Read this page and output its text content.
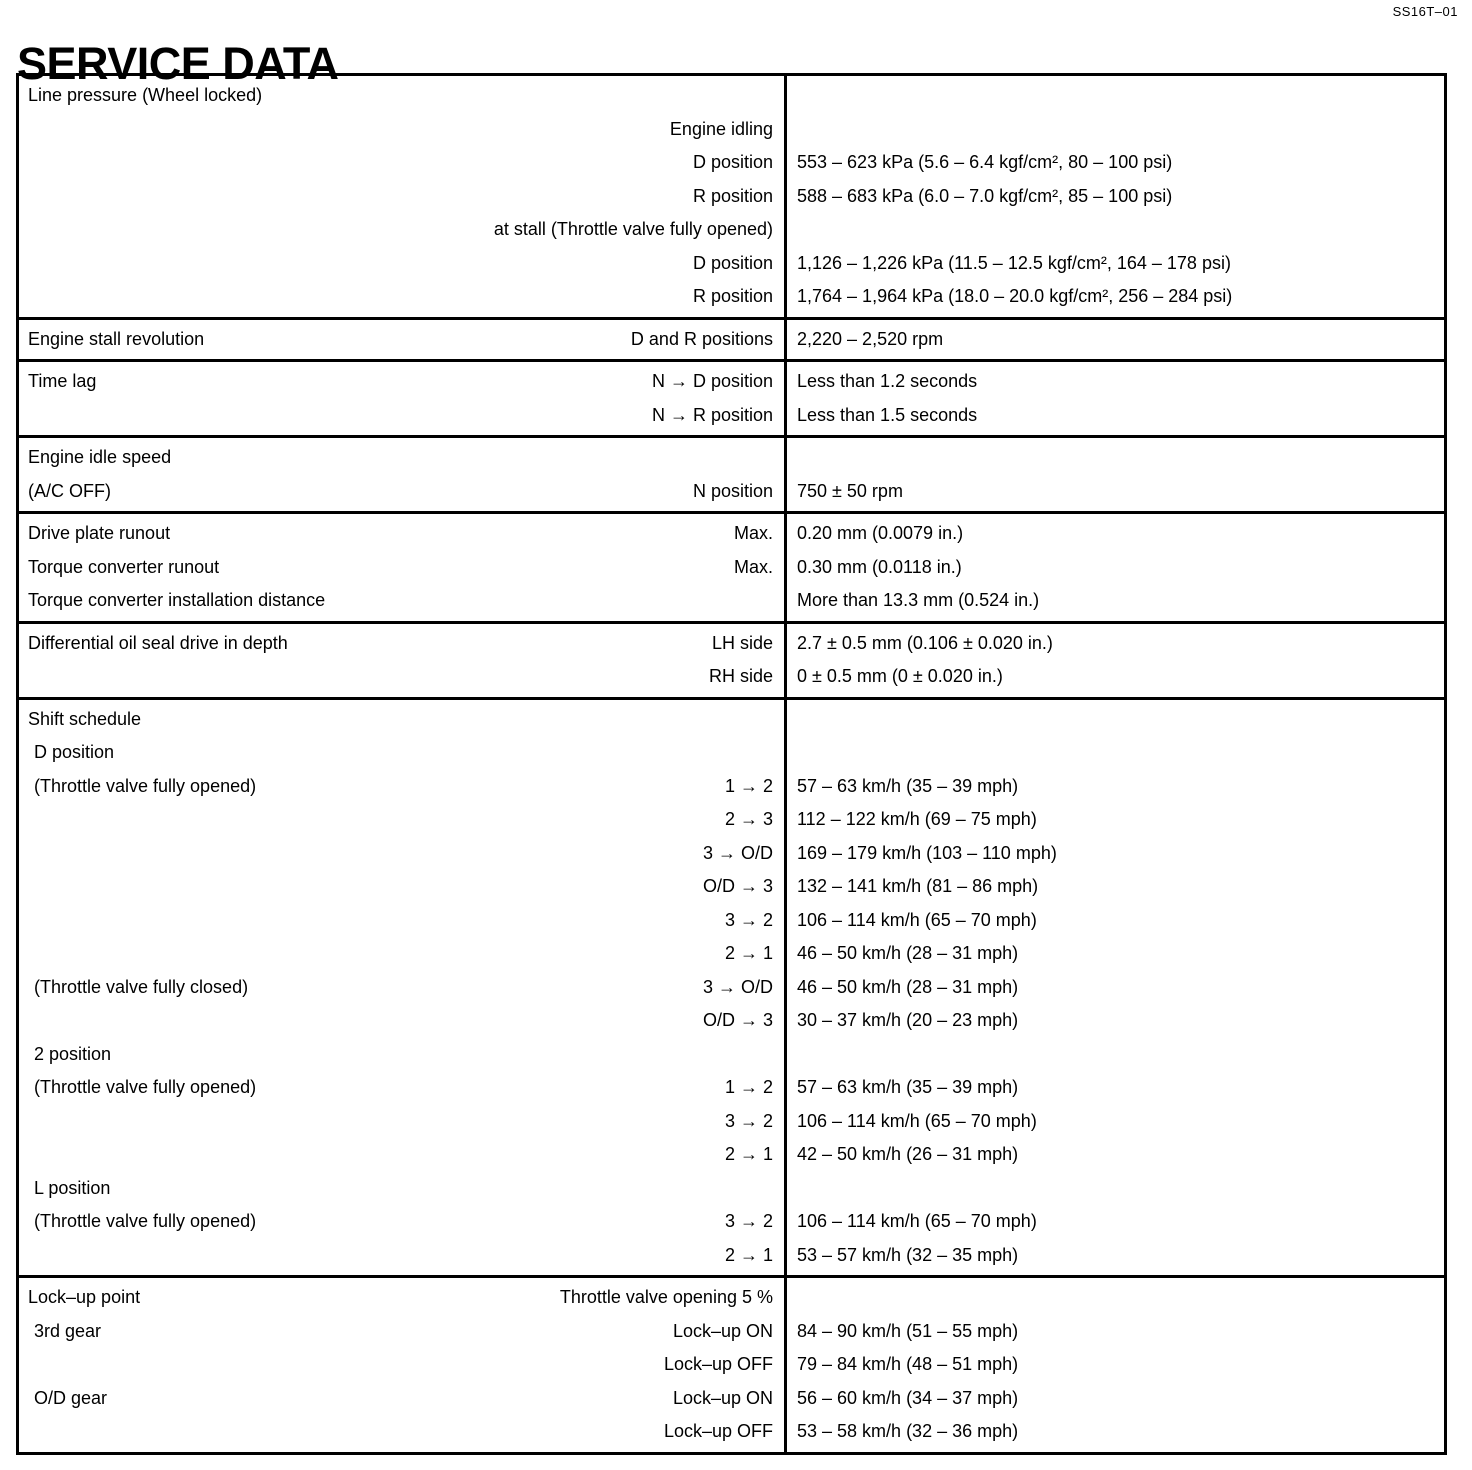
SS16T–01
SERVICE DATA
Line pressure (Wheel locked)
Engine idling
D position	553 – 623 kPa (5.6 – 6.4 kgf/cm², 80 – 100 psi)
R position	588 – 683 kPa (6.0 – 7.0 kgf/cm², 85 – 100 psi)
at stall (Throttle valve fully opened)
D position	1,126 – 1,226 kPa (11.5 – 12.5 kgf/cm², 164 – 178 psi)
R position	1,764 – 1,964 kPa (18.0 – 20.0 kgf/cm², 256 – 284 psi)
Engine stall revolution	D and R positions	2,220 – 2,520 rpm
Time lag	N → D position	Less than 1.2 seconds
N → R position	Less than 1.5 seconds
Engine idle speed
(A/C OFF)	N position	750 ± 50 rpm
Drive plate runout	Max.	0.20 mm (0.0079 in.)
Torque converter runout	Max.	0.30 mm (0.0118 in.)
Torque converter installation distance	More than 13.3 mm (0.524 in.)
Differential oil seal drive in depth	LH side	2.7 ± 0.5 mm (0.106 ± 0.020 in.)
RH side	0 ± 0.5 mm (0 ± 0.020 in.)
Shift schedule
D position
(Throttle valve fully opened)	1 → 2	57 – 63 km/h (35 – 39 mph)
2 → 3	112 – 122 km/h (69 – 75 mph)
3 → O/D	169 – 179 km/h (103 – 110 mph)
O/D → 3	132 – 141 km/h (81 – 86 mph)
3 → 2	106 – 114 km/h (65 – 70 mph)
2 → 1	46 – 50 km/h (28 – 31 mph)
(Throttle valve fully closed)	3 → O/D	46 – 50 km/h (28 – 31 mph)
O/D → 3	30 – 37 km/h (20 – 23 mph)
2 position
(Throttle valve fully opened)	1 → 2	57 – 63 km/h (35 – 39 mph)
3 → 2	106 – 114 km/h (65 – 70 mph)
2 → 1	42 – 50 km/h (26 – 31 mph)
L position
(Throttle valve fully opened)	3 → 2	106 – 114 km/h (65 – 70 mph)
2 → 1	53 – 57 km/h (32 – 35 mph)
Lock–up point	Throttle valve opening 5 %
3rd gear	Lock–up ON	84 – 90 km/h (51 – 55 mph)
Lock–up OFF	79 – 84 km/h (48 – 51 mph)
O/D gear	Lock–up ON	56 – 60 km/h (34 – 37 mph)
Lock–up OFF	53 – 58 km/h (32 – 36 mph)
